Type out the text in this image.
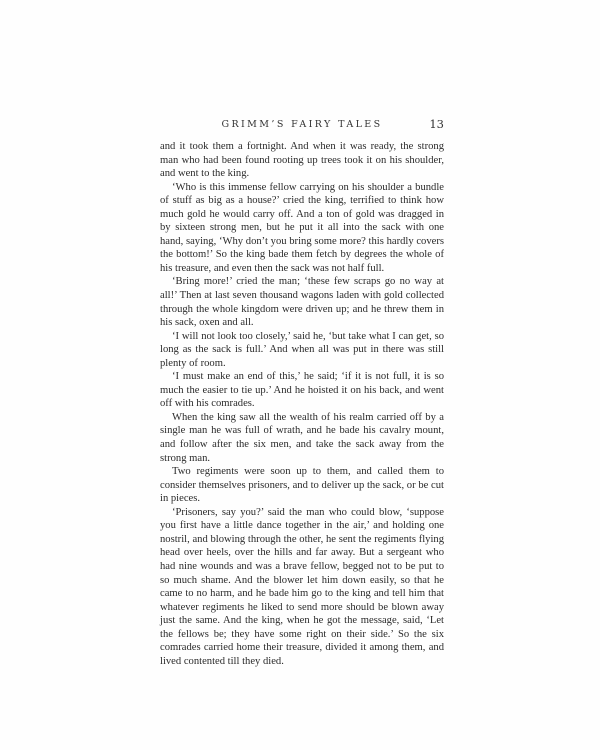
GRIMM’S FAIRY TALES	13

and it took them a fortnight. And when it was ready, the strong man who had been found rooting up trees took it on his shoulder, and went to the king.

‘Who is this immense fellow carrying on his shoulder a bundle of stuff as big as a house?’ cried the king, terrified to think how much gold he would carry off. And a ton of gold was dragged in by sixteen strong men, but he put it all into the sack with one hand, saying, ‘Why don’t you bring some more? this hardly covers the bottom!’ So the king bade them fetch by degrees the whole of his treasure, and even then the sack was not half full.

‘Bring more!’ cried the man; ‘these few scraps go no way at all!’ Then at last seven thousand wagons laden with gold collected through the whole kingdom were driven up; and he threw them in his sack, oxen and all.

‘I will not look too closely,’ said he, ‘but take what I can get, so long as the sack is full.’ And when all was put in there was still plenty of room.

‘I must make an end of this,’ he said; ‘if it is not full, it is so much the easier to tie up.’ And he hoisted it on his back, and went off with his comrades.

When the king saw all the wealth of his realm carried off by a single man he was full of wrath, and he bade his cavalry mount, and follow after the six men, and take the sack away from the strong man.

Two regiments were soon up to them, and called them to consider themselves prisoners, and to deliver up the sack, or be cut in pieces.

‘Prisoners, say you?’ said the man who could blow, ‘suppose you first have a little dance together in the air,’ and holding one nostril, and blowing through the other, he sent the regiments flying head over heels, over the hills and far away. But a sergeant who had nine wounds and was a brave fellow, begged not to be put to so much shame. And the blower let him down easily, so that he came to no harm, and he bade him go to the king and tell him that whatever regiments he liked to send more should be blown away just the same. And the king, when he got the message, said, ‘Let the fellows be; they have some right on their side.’ So the six comrades carried home their treasure, divided it among them, and lived contented till they died.
